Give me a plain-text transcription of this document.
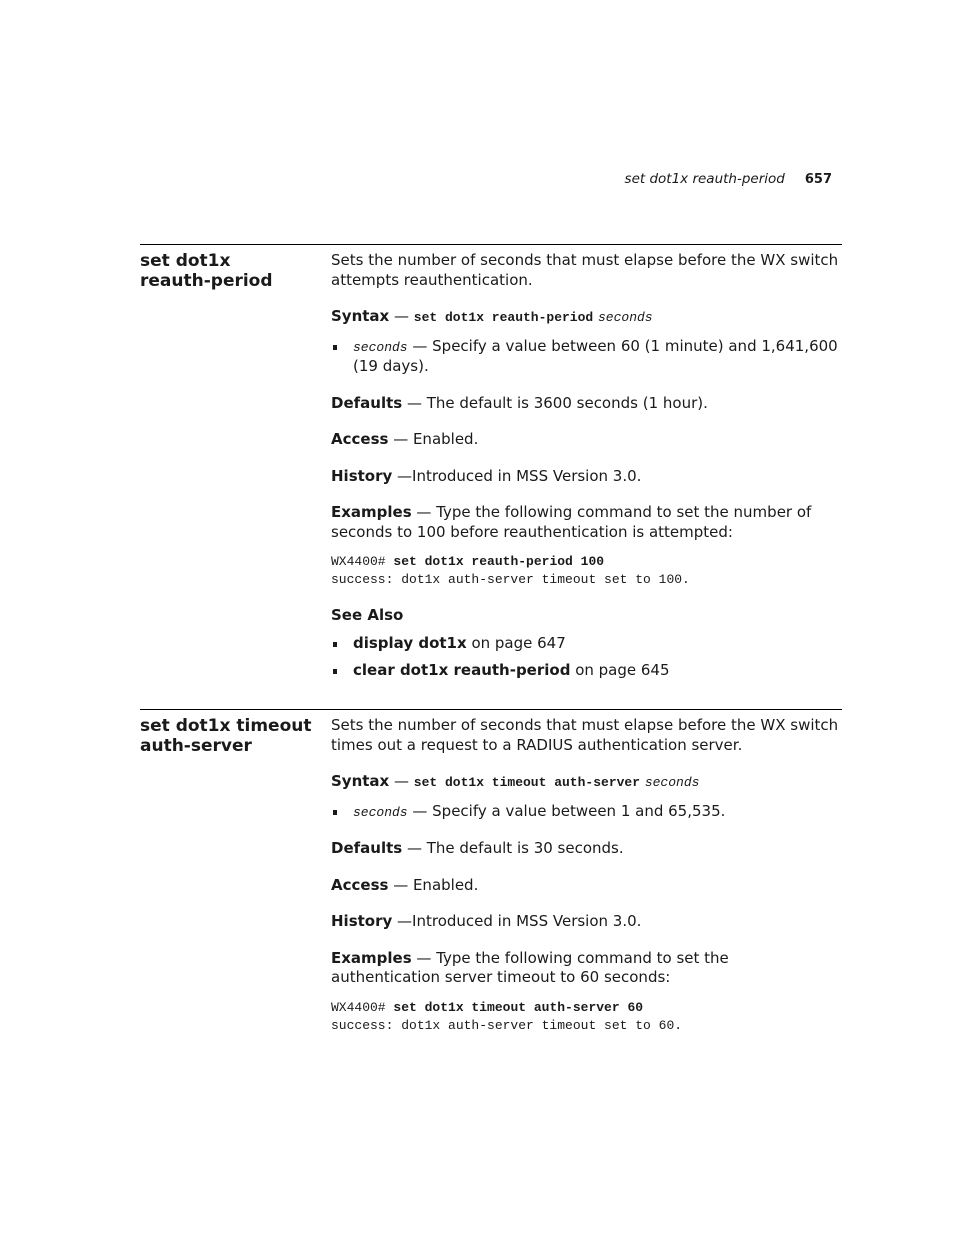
set dot1x reauth-period 657
set dot1x
reauth-period

Sets the number of seconds that must elapse before the WX switch attempts reauthentication.

Syntax — set dot1x reauth-period seconds

seconds — Specify a value between 60 (1 minute) and 1,641,600 (19 days).

Defaults — The default is 3600 seconds (1 hour).

Access — Enabled.

History —Introduced in MSS Version 3.0.

Examples — Type the following command to set the number of seconds to 100 before reauthentication is attempted:

WX4400# set dot1x reauth-period 100
success: dot1x auth-server timeout set to 100.

See Also

display dot1x on page 647
clear dot1x reauth-period on page 645
set dot1x timeout
auth-server

Sets the number of seconds that must elapse before the WX switch times out a request to a RADIUS authentication server.

Syntax — set dot1x timeout auth-server seconds

seconds — Specify a value between 1 and 65,535.

Defaults — The default is 30 seconds.

Access — Enabled.

History —Introduced in MSS Version 3.0.

Examples — Type the following command to set the authentication server timeout to 60 seconds:

WX4400# set dot1x timeout auth-server 60
success: dot1x auth-server timeout set to 60.
